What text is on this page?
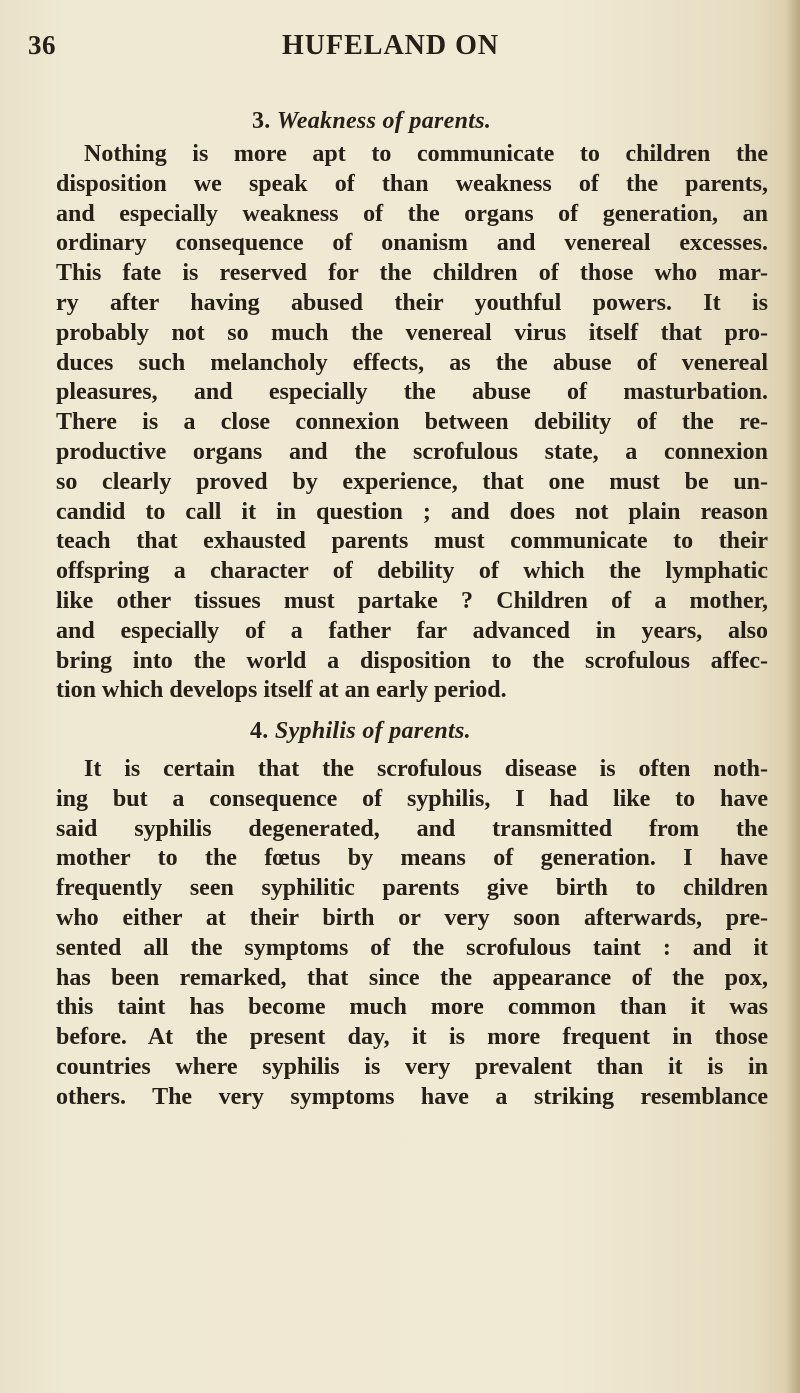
36	HUFELAND ON
3. Weakness of parents.
Nothing is more apt to communicate to children the
disposition we speak of than weakness of the parents,
and especially weakness of the organs of generation, an
ordinary consequence of onanism and venereal excesses.
This fate is reserved for the children of those who mar-
ry after having abused their youthful powers. It is
probably not so much the venereal virus itself that pro-
duces such melancholy effects, as the abuse of venereal
pleasures, and especially the abuse of masturbation.
There is a close connexion between debility of the re-
productive organs and the scrofulous state, a connexion
so clearly proved by experience, that one must be un-
candid to call it in question ; and does not plain reason
teach that exhausted parents must communicate to their
offspring a character of debility of which the lymphatic
like other tissues must partake ? Children of a mother,
and especially of a father far advanced in years, also
bring into the world a disposition to the scrofulous affec-
tion which develops itself at an early period.
4. Syphilis of parents.
It is certain that the scrofulous disease is often noth-
ing but a consequence of syphilis, I had like to have
said syphilis degenerated, and transmitted from the
mother to the fœtus by means of generation. I have
frequently seen syphilitic parents give birth to children
who either at their birth or very soon afterwards, pre-
sented all the symptoms of the scrofulous taint : and it
has been remarked, that since the appearance of the pox,
this taint has become much more common than it was
before. At the present day, it is more frequent in those
countries where syphilis is very prevalent than it is in
others. The very symptoms have a striking resemblance
